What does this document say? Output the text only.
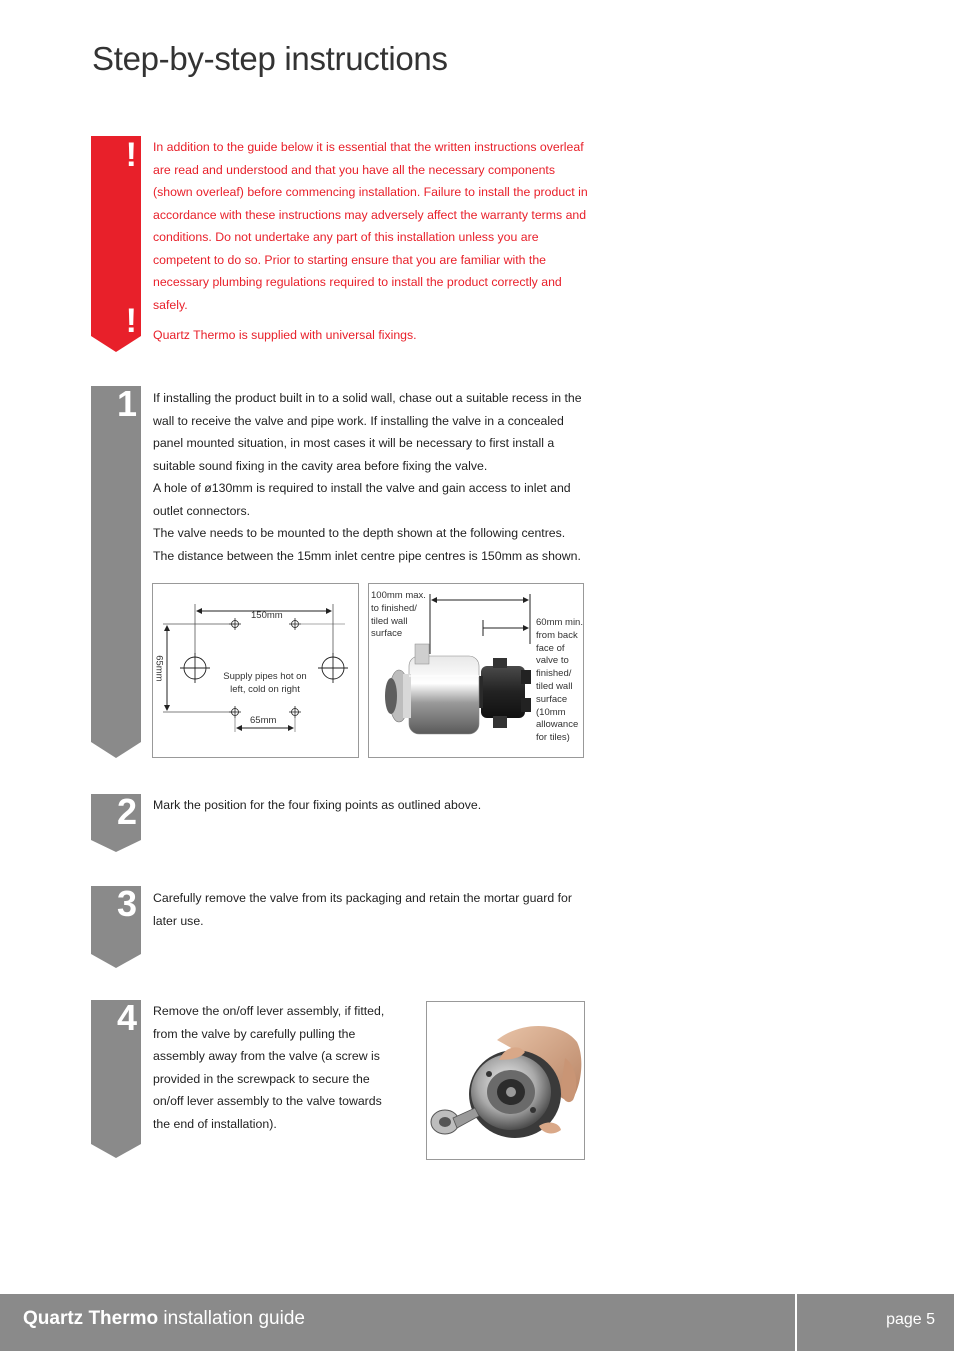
Step-by-step instructions
!
!

In addition to the guide below it is essential that the written instructions overleaf are read and understood and that you have all the necessary components (shown overleaf) before commencing installation. Failure to install the product in accordance with these instructions may adversely affect the warranty terms and conditions. Do not undertake any part of this installation unless you are competent to do so. Prior to starting ensure that you are familiar with the necessary plumbing regulations required to install the product correctly and safely.

Quartz Thermo is supplied with universal fixings.

1 If installing the product built in to a solid wall, chase out a suitable recess in the wall to receive the valve and pipe work. If installing the valve in a concealed panel mounted situation, in most cases it will be necessary to first install a suitable sound fixing in the cavity area before fixing the valve.

A hole of ø130mm is required to install the valve and gain access to inlet and outlet connectors.

The valve needs to be mounted to the depth shown at the following centres.

The distance between the 15mm inlet centre pipe centres is 150mm as shown.

150mm
65mm
65mm
Supply pipes hot on left, cold on right
100mm max. to finished/ tiled wall surface
60mm min. from back face of valve to finished/ tiled wall surface (10mm allowance for tiles)
2 Mark the position for the four fixing points as outlined above.

3 Carefully remove the valve from its packaging and retain the mortar guard for later use.

4 Remove the on/off lever assembly, if fitted, from the valve by carefully pulling the assembly away from the valve (a screw is provided in the screwpack to secure the on/off lever assembly to the valve towards the end of installation).

Quartz Thermo installation guide	page 5
